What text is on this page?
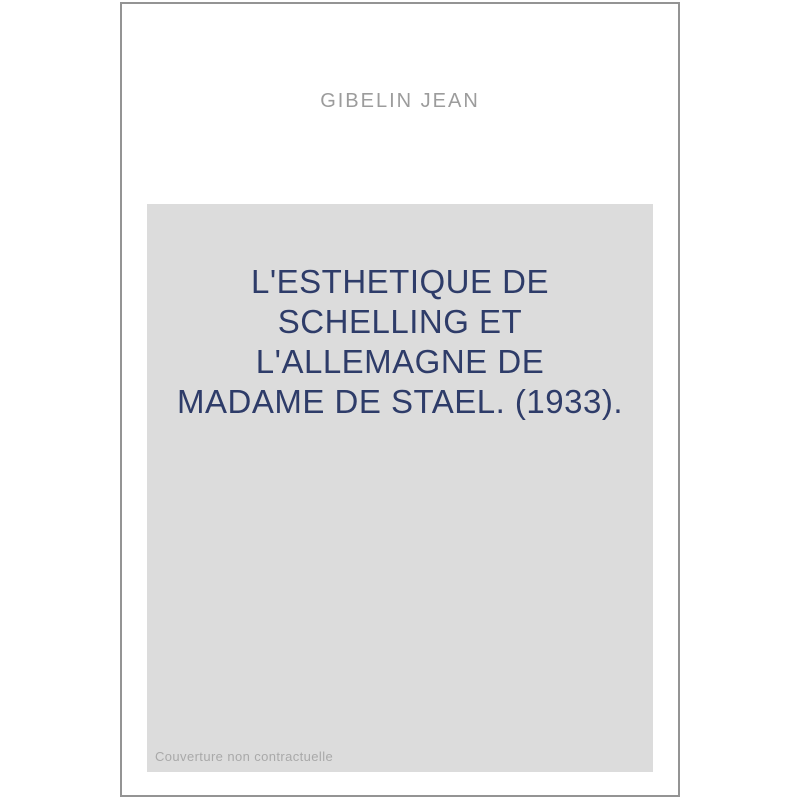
GIBELIN JEAN
L'ESTHETIQUE DE
SCHELLING ET
L'ALLEMAGNE DE
MADAME DE STAEL. (1933).
Couverture non contractuelle
